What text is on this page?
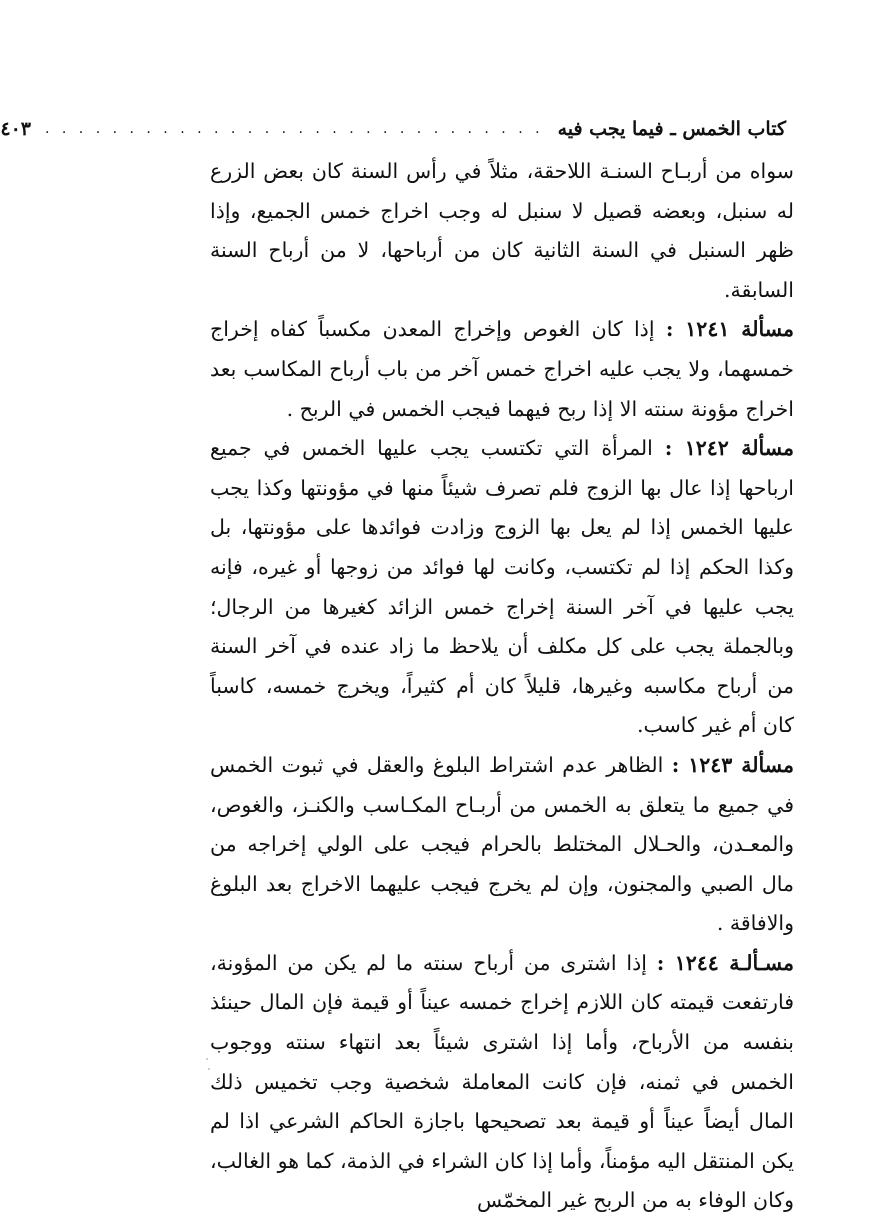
كتاب الخمس ـ فيما يجب فيه
. . . . . . . . . . . . . . . . . . . . . . . . . . . . . .
٤٠٣

سواه من أربـاح السنـة اللاحقة، مثلاً في رأس السنة كان بعض الزرع له سنبل، وبعضه قصيل لا سنبل له وجب اخراج خمس الجميع، وإذا ظهر السنبل في السنة الثانية كان من أرباحها، لا من أرباح السنة السابقة.

مسألة ١٢٤١ : إذا كان الغوص وإخراج المعدن مكسباً كفاه إخراج خمسهما، ولا يجب عليه اخراج خمس آخر من باب أرباح المكاسب بعد اخراج مؤونة سنته الا إذا ربح فيهما فيجب الخمس في الربح .

مسألة ١٢٤٢ : المرأة التي تكتسب يجب عليها الخمس في جميع ارباحها إذا عال بها الزوج فلم تصرف شيئاً منها في مؤونتها وكذا يجب عليها الخمس إذا لم يعل بها الزوج وزادت فوائدها على مؤونتها، بل وكذا الحكم إذا لم تكتسب، وكانت لها فوائد من زوجها أو غيره، فإنه يجب عليها في آخر السنة إخراج خمس الزائد كغيرها من الرجال؛ وبالجملة يجب على كل مكلف أن يلاحظ ما زاد عنده في آخر السنة من أرباح مكاسبه وغيرها، قليلاً كان أم كثيراً، ويخرج خمسه، كاسباً كان أم غير كاسب.

مسألة ١٢٤٣ : الظاهر عدم اشتراط البلوغ والعقل في ثبوت الخمس في جميع ما يتعلق به الخمس من أربـاح المكـاسب والكنـز، والغوص، والمعـدن، والحـلال المختلط بالحرام فيجب على الولي إخراجه من مال الصبي والمجنون، وإن لم يخرج فيجب عليهما الاخراج بعد البلوغ والافاقة .

مسـألـة ١٢٤٤ : إذا اشترى من أرباح سنته ما لم يكن من المؤونة، فارتفعت قيمته كان اللازم إخراج خمسه عيناً أو قيمة فإن المال حينئذ بنفسه من الأرباح، وأما إذا اشترى شيئاً بعد انتهاء سنته ووجوب الخمس في ثمنه، فإن كانت المعاملة شخصية وجب تخميس ذلك المال أيضاً عيناً أو قيمة بعد تصحيحها باجازة الحاكم الشرعي اذا لم يكن المنتقل اليه مؤمناً، وأما إذا كان الشراء في الذمة، كما هو الغالب، وكان الوفاء به من الربح غير المخمّس
